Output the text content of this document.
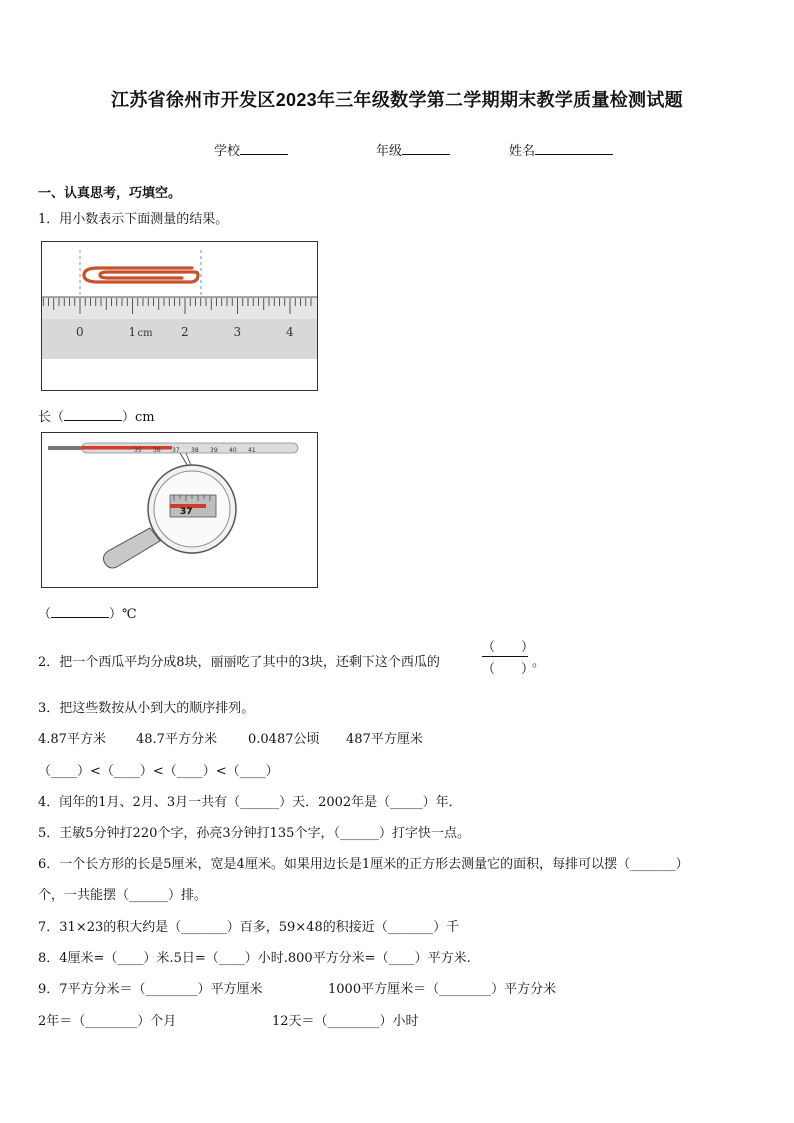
江苏省徐州市开发区2023年三年级数学第二学期期末教学质量检测试题
学校	年级	姓名
一、认真思考，巧填空。
1．用小数表示下面测量的结果。
0	1	2	3	4
cm
长（	）cm
35 36 37 38 39 40 41
37
（	）℃
2．把一个西瓜平均分成8块，丽丽吃了其中的3块，还剩下这个西瓜的
（　　）
（　　）
。
3．把这些数按从小到大的顺序排列。
4.87平方米 48.7平方分米 0.0487公顷 487平方厘米
（____）<（____）<（____）<（____）
4．闰年的1月、2月、3月一共有（______）天．2002年是（_____）年．
5．王敏5分钟打220个字，孙亮3分钟打135个字，（______）打字快一点。
6．一个长方形的长是5厘米，宽是4厘米。如果用边长是1厘米的正方形去测量它的面积，每排可以摆（_______）
个，一共能摆（______）排。
7．31×23的积大约是（_______）百多，59×48的积接近（_______）千
8．4厘米=（____）米.5日=（____）小时.800平方分米=（____）平方米.
9．7平方分米＝（________）平方厘米	1000平方厘米＝（________）平方分米
2年＝（________）个月	12天＝（________）小时
